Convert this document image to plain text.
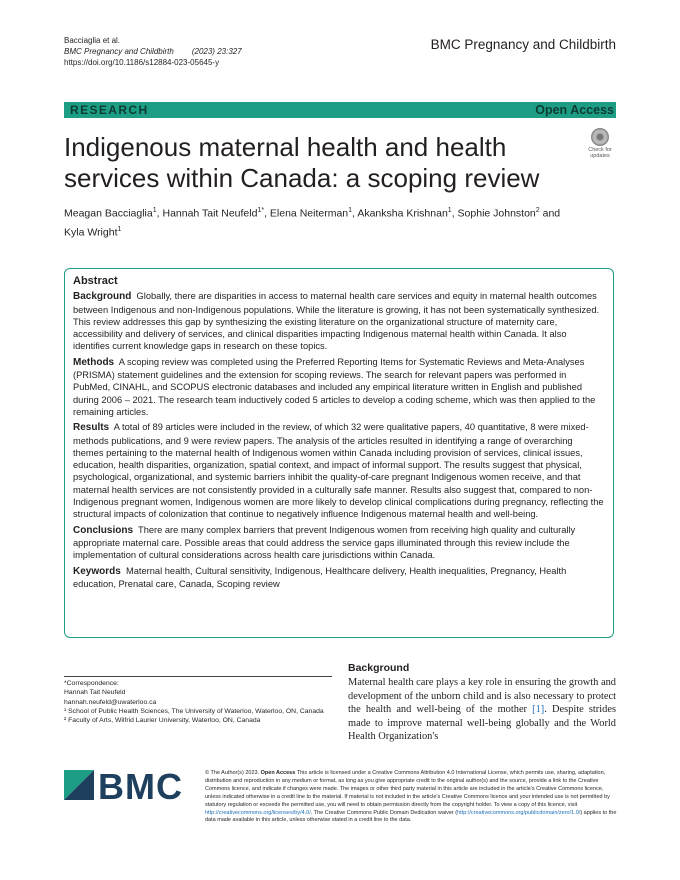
Bacciaglia et al.
BMC Pregnancy and Childbirth (2023) 23:327
https://doi.org/10.1186/s12884-023-05645-y
BMC Pregnancy and Childbirth
RESEARCH	Open Access
Check for
updates
Indigenous maternal health and health services within Canada: a scoping review
Meagan Bacciaglia$^1$, Hannah Tait Neufeld$^{1*}$, Elena Neiterman$^1$, Akanksha Krishnan$^1$, Sophie Johnston$^2$ and
Kyla Wright$^1$
Abstract

Background Globally, there are disparities in access to maternal health care services and equity in maternal health outcomes between Indigenous and non-Indigenous populations. While the literature is growing, it has not been systematically synthesized. This review addresses this gap by synthesizing the existing literature on the organizational structure of maternity care, accessibility and delivery of services, and clinical disparities impacting Indigenous maternal health within Canada. It also identifies current knowledge gaps in research on these topics.

Methods A scoping review was completed using the Preferred Reporting Items for Systematic Reviews and Meta-Analyses (PRISMA) statement guidelines and the extension for scoping reviews. The search for relevant papers was performed in PubMed, CINAHL, and SCOPUS electronic databases and included any empirical literature written in English and published during 2006 – 2021. The research team inductively coded 5 articles to develop a coding scheme, which was then applied to the remaining articles.

Results A total of 89 articles were included in the review, of which 32 were qualitative papers, 40 quantitative, 8 were mixed-methods publications, and 9 were review papers. The analysis of the articles resulted in identifying a range of overarching themes pertaining to the maternal health of Indigenous women within Canada including provision of services, clinical issues, education, health disparities, organization, spatial context, and impact of informal support. The results suggest that physical, psychological, organizational, and systemic barriers inhibit the quality-of-care pregnant Indigenous women receive, and that maternal health services are not consistently provided in a culturally safe manner. Results also suggest that, compared to non-Indigenous pregnant women, Indigenous women are more likely to develop clinical complications during pregnancy, reflecting the structural impacts of colonization that continue to negatively influence Indigenous maternal health and well-being.

Conclusions There are many complex barriers that prevent Indigenous women from receiving high quality and culturally appropriate maternal care. Possible areas that could address the service gaps illuminated through this review include the implementation of cultural considerations across health care jurisdictions within Canada.

Keywords Maternal health, Cultural sensitivity, Indigenous, Healthcare delivery, Health inequalities, Pregnancy, Health education, Prenatal care, Canada, Scoping review

*Correspondence:
Hannah Tait Neufeld
hannah.neufeld@uwaterloo.ca
¹ School of Public Health Sciences, The University of Waterloo, Waterloo, ON, Canada
² Faculty of Arts, Wilfrid Laurier University, Waterloo, ON, Canada
Background
Maternal health care plays a key role in ensuring the growth and development of the unborn child and is also necessary to protect the health and well-being of the mother [1]. Despite strides made to improve maternal well-being globally and the World Health Organization's
BMC	© The Author(s) 2023. Open Access This article is licensed under a Creative Commons Attribution 4.0 International License, which permits use, sharing, adaptation, distribution and reproduction in any medium or format, as long as you give appropriate credit to the original author(s) and the source, provide a link to the Creative Commons licence, and indicate if changes were made. The images or other third party material in this article are included in the article's Creative Commons licence, unless indicated otherwise in a credit line to the material. If material is not included in the article's Creative Commons licence and your intended use is not permitted by statutory regulation or exceeds the permitted use, you will need to obtain permission directly from the copyright holder. To view a copy of this licence, visit http://creativecommons.org/licenses/by/4.0/. The Creative Commons Public Domain Dedication waiver (http://creativecommons.org/publicdomain/zero/1.0/) applies to the data made available in this article, unless otherwise stated in a credit line to the data.
